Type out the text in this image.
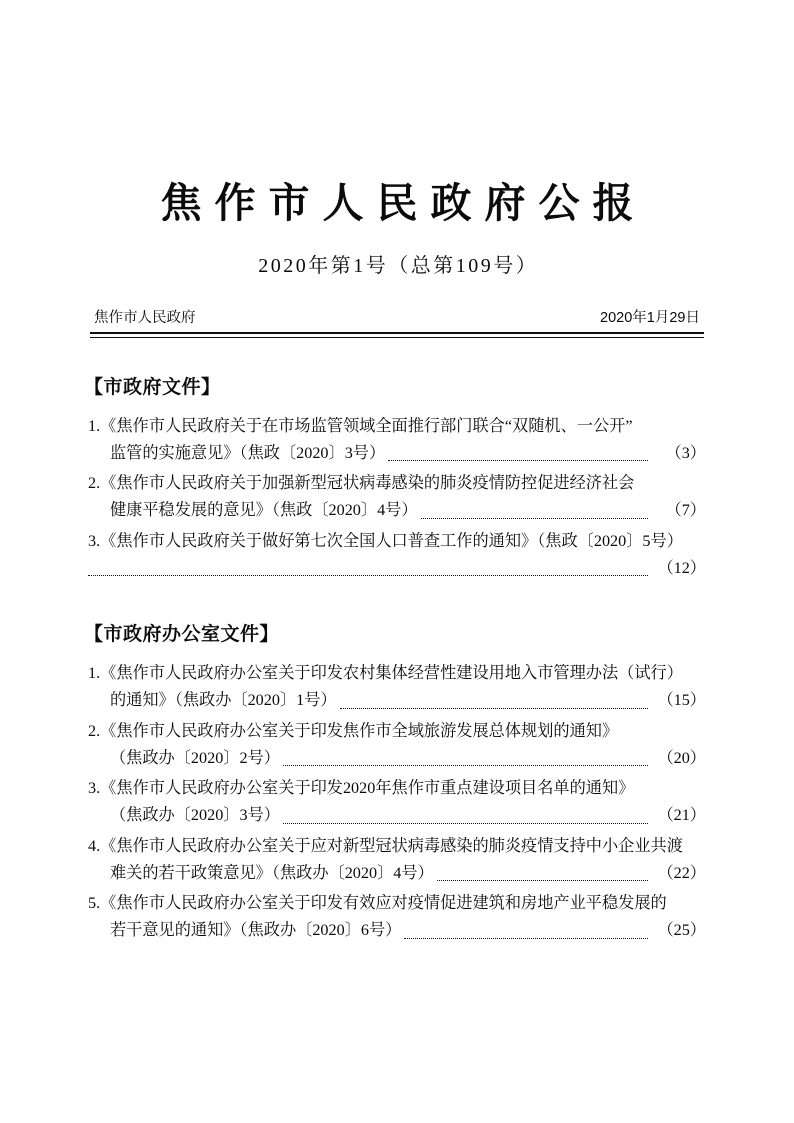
焦作市人民政府公报
2020年第1号（总第109号）
焦作市人民政府	2020年1月29日
【市政府文件】
1. 《焦作市人民政府关于在市场监管领域全面推行部门联合“双随机、一公开”
监管的实施意见》（焦政〔2020〕3号）	（3）
2. 《焦作市人民政府关于加强新型冠状病毒感染的肺炎疫情防控促进经济社会
健康平稳发展的意见》（焦政〔2020〕4号）	（7）
3. 《焦作市人民政府关于做好第七次全国人口普查工作的通知》（焦政〔2020〕5号）
（12）
【市政府办公室文件】
1. 《焦作市人民政府办公室关于印发农村集体经营性建设用地入市管理办法（试行）
的通知》（焦政办〔2020〕1号）	（15）
2. 《焦作市人民政府办公室关于印发焦作市全域旅游发展总体规划的通知》
（焦政办〔2020〕2号）	（20）
3. 《焦作市人民政府办公室关于印发2020年焦作市重点建设项目名单的通知》
（焦政办〔2020〕3号）	（21）
4. 《焦作市人民政府办公室关于应对新型冠状病毒感染的肺炎疫情支持中小企业共渡
难关的若干政策意见》（焦政办〔2020〕4号）	（22）
5. 《焦作市人民政府办公室关于印发有效应对疫情促进建筑和房地产业平稳发展的
若干意见的通知》（焦政办〔2020〕6号）	（25）
